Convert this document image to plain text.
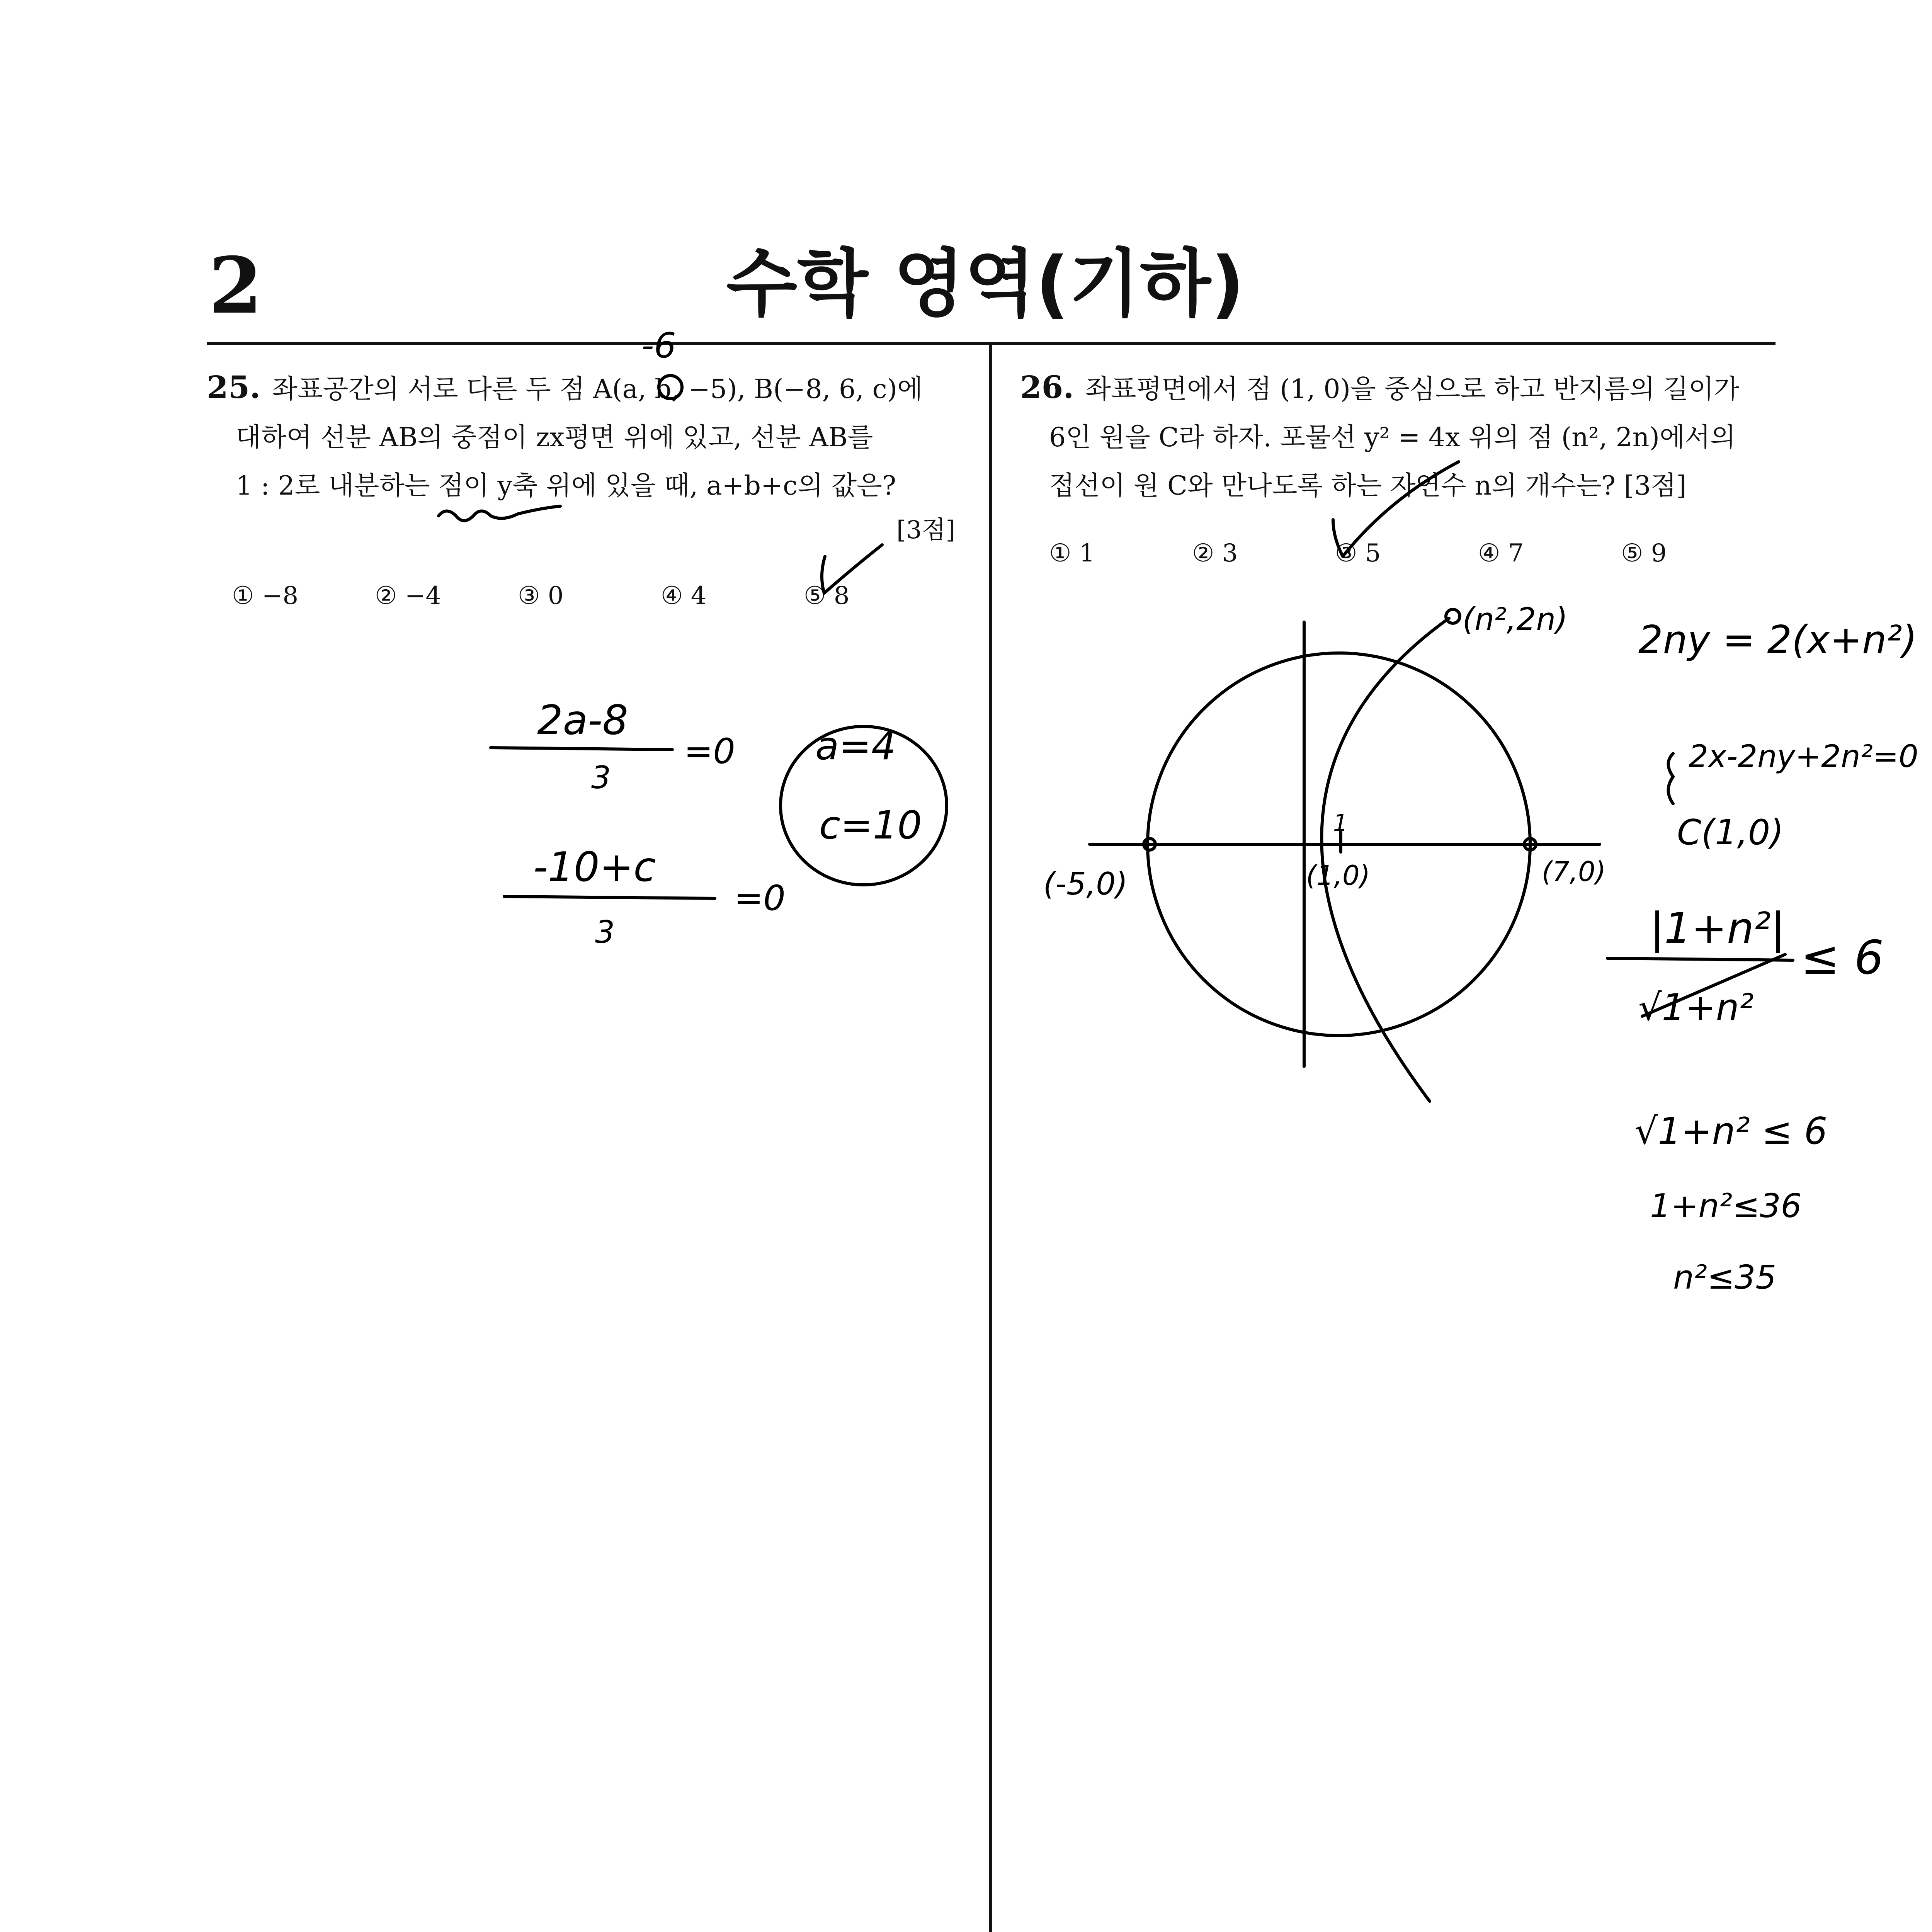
2	수학 영역(기하)
25. 좌표공간의 서로 다른 두 점 A(a, b, −5), B(−8, 6, c)에
대하여 선분 AB의 중점이 zx평면 위에 있고, 선분 AB를
1 : 2로 내분하는 점이 y축 위에 있을 때, a+b+c의 값은?
[3점]
① −8	② −4	③ 0	④ 4	⑤ 8
26. 좌표평면에서 점 (1, 0)을 중심으로 하고 반지름의 길이가
6인 원을 C라 하자. 포물선 y² = 4x 위의 점 (n², 2n)에서의
접선이 원 C와 만나도록 하는 자연수 n의 개수는? [3점]
① 1	② 3	③ 5	④ 7	⑤ 9
-6
2a-8
3
=0
-10+c
3
=0
a=4
c=10
(n²,2n)
(-5,0)	(1,0)	(7,0)
1
2ny = 2(x+n²)
2x-2ny+2n²=0
C(1,0)
|1+n²|
√1+n²
≤ 6
√1+n² ≤ 6
1+n²≤36
n²≤35
